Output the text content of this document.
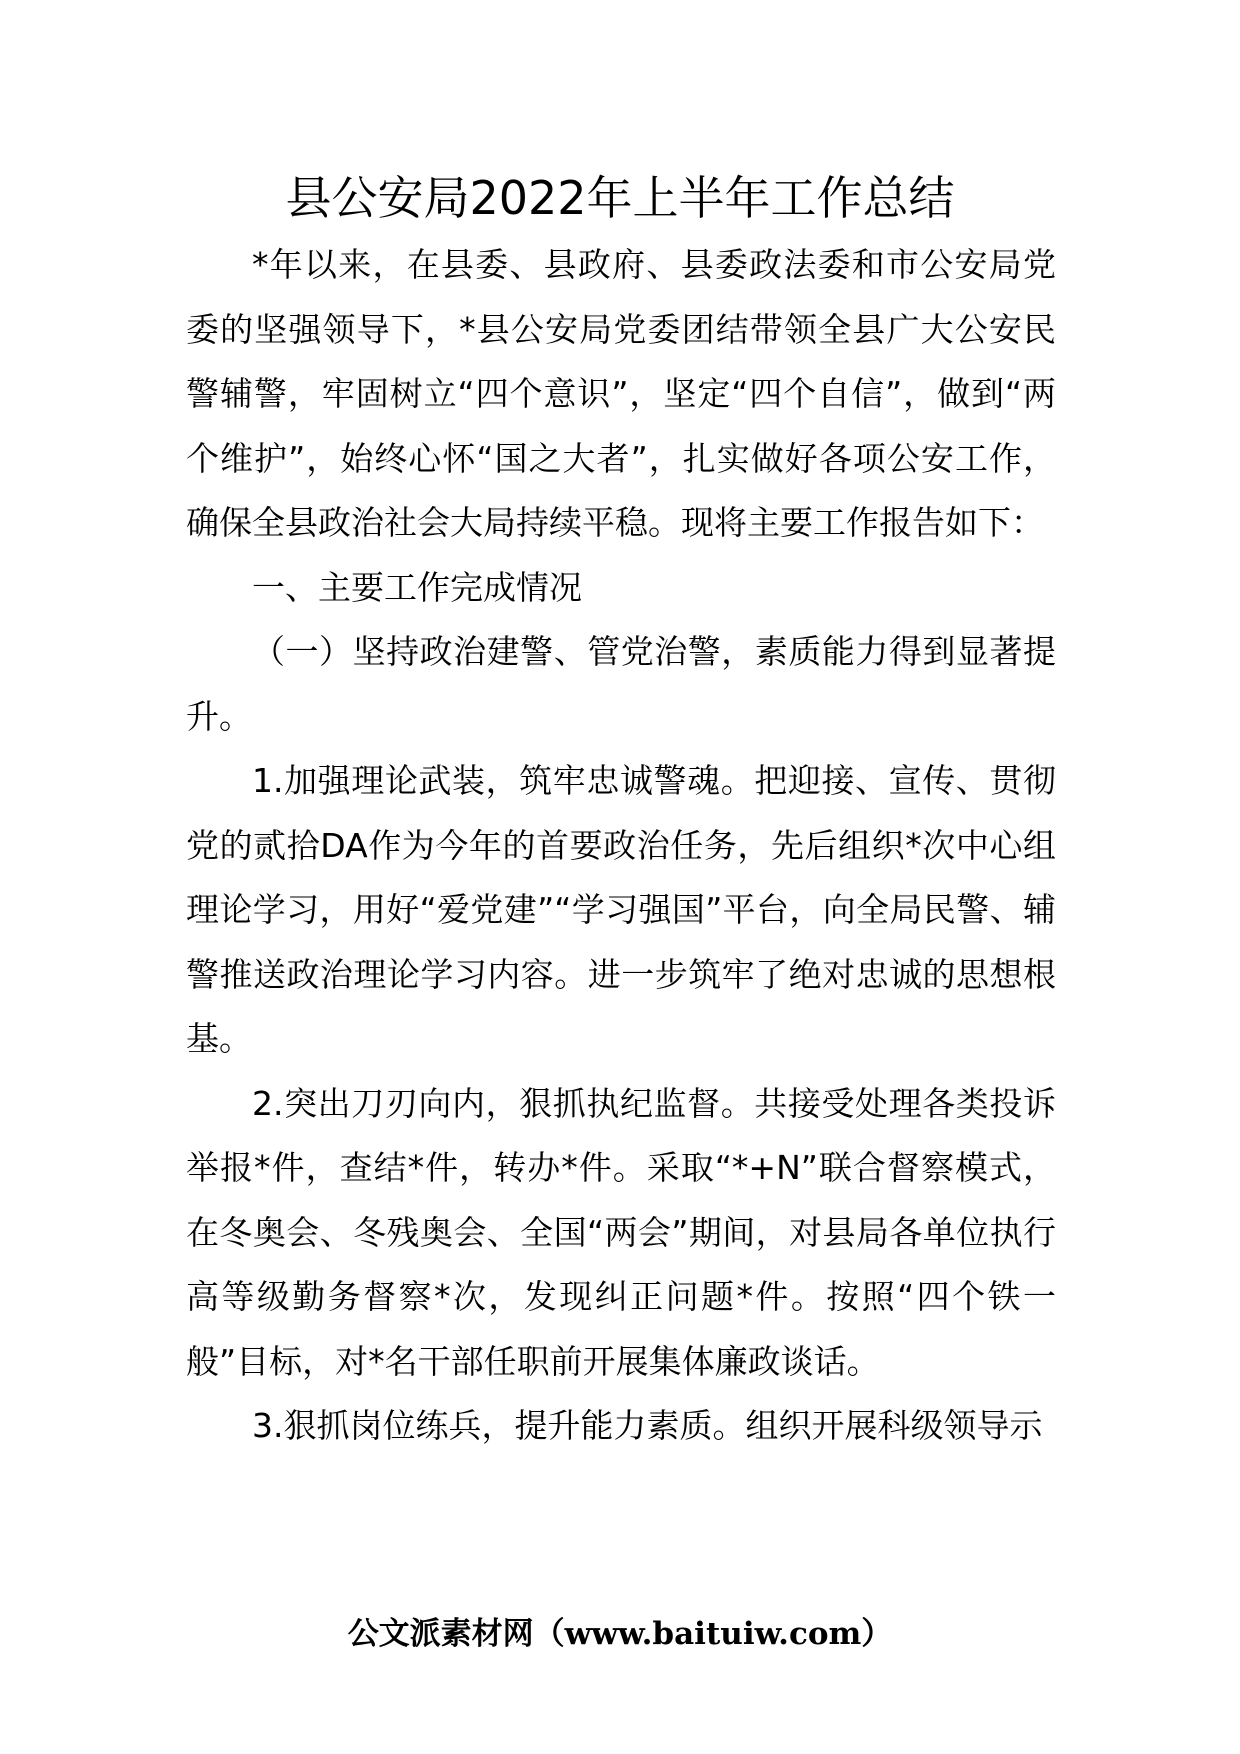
县公安局2022年上半年工作总结

*年以来，在县委、县政府、县委政法委和市公安局党委的坚强领导下，*县公安局党委团结带领全县广大公安民警辅警，牢固树立“四个意识”，坚定“四个自信”，做到“两个维护”，始终心怀“国之大者”，扎实做好各项公安工作，确保全县政治社会大局持续平稳。现将主要工作报告如下：

一、主要工作完成情况

（一）坚持政治建警、管党治警，素质能力得到显著提升。

1.加强理论武装，筑牢忠诚警魂。把迎接、宣传、贯彻党的贰拾DA作为今年的首要政治任务，先后组织*次中心组理论学习，用好“爱党建”“学习强国”平台，向全局民警、辅警推送政治理论学习内容。进一步筑牢了绝对忠诚的思想根基。

2.突出刀刃向内，狠抓执纪监督。共接受处理各类投诉举报*件，查结*件，转办*件。采取“*+N”联合督察模式，在冬奥会、冬残奥会、全国“两会”期间，对县局各单位执行高等级勤务督察*次，发现纠正问题*件。按照“四个铁一般”目标，对*名干部任职前开展集体廉政谈话。

3.狠抓岗位练兵，提升能力素质。组织开展科级领导示

公文派素材网（www.baituiw.com）
